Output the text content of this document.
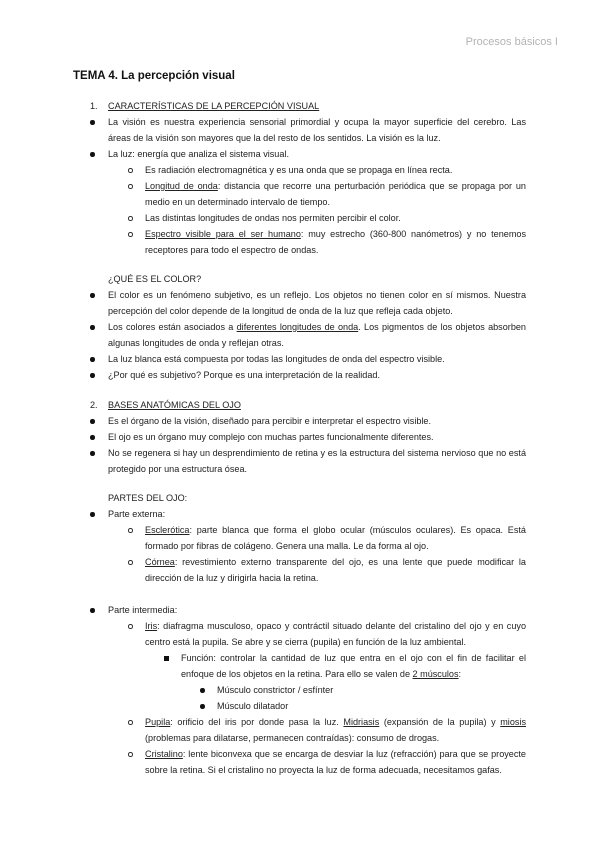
Procesos básicos I
TEMA 4. La percepción visual
1. CARACTERÍSTICAS DE LA PERCEPCIÓN VISUAL
La visión es nuestra experiencia sensorial primordial y ocupa la mayor superficie del cerebro. Las
áreas de la visión son mayores que la del resto de los sentidos. La visión es la luz.
La luz: energía que analiza el sistema visual.
Es radiación electromagnética y es una onda que se propaga en línea recta.
Longitud de onda: distancia que recorre una perturbación periódica que se propaga por un
medio en un determinado intervalo de tiempo.
Las distintas longitudes de ondas nos permiten percibir el color.
Espectro visible para el ser humano: muy estrecho (360-800 nanómetros) y no tenemos
receptores para todo el espectro de ondas.
¿QUÉ ES EL COLOR?
El color es un fenómeno subjetivo, es un reflejo. Los objetos no tienen color en sí mismos. Nuestra
percepción del color depende de la longitud de onda de la luz que refleja cada objeto.
Los colores están asociados a diferentes longitudes de onda. Los pigmentos de los objetos absorben
algunas longitudes de onda y reflejan otras.
La luz blanca está compuesta por todas las longitudes de onda del espectro visible.
¿Por qué es subjetivo? Porque es una interpretación de la realidad.
2. BASES ANATÓMICAS DEL OJO
Es el órgano de la visión, diseñado para percibir e interpretar el espectro visible.
El ojo es un órgano muy complejo con muchas partes funcionalmente diferentes.
No se regenera si hay un desprendimiento de retina y es la estructura del sistema nervioso que no está
protegido por una estructura ósea.
PARTES DEL OJO:
Parte externa:
Esclerótica: parte blanca que forma el globo ocular (músculos oculares). Es opaca. Está
formado por fibras de colágeno. Genera una malla. Le da forma al ojo.
Córnea: revestimiento externo transparente del ojo, es una lente que puede modificar la
dirección de la luz y dirigirla hacia la retina.
Parte intermedia:
Iris: diafragma musculoso, opaco y contráctil situado delante del cristalino del ojo y en cuyo
centro está la pupila. Se abre y se cierra (pupila) en función de la luz ambiental.
Función: controlar la cantidad de luz que entra en el ojo con el fin de facilitar el
enfoque de los objetos en la retina. Para ello se valen de 2 músculos:
Músculo constrictor / esfínter
Músculo dilatador
Pupila: orificio del iris por donde pasa la luz. Midriasis (expansión de la pupila) y miosis
(problemas para dilatarse, permanecen contraídas): consumo de drogas.
Cristalino: lente biconvexa que se encarga de desviar la luz (refracción) para que se proyecte
sobre la retina. Si el cristalino no proyecta la luz de forma adecuada, necesitamos gafas.
